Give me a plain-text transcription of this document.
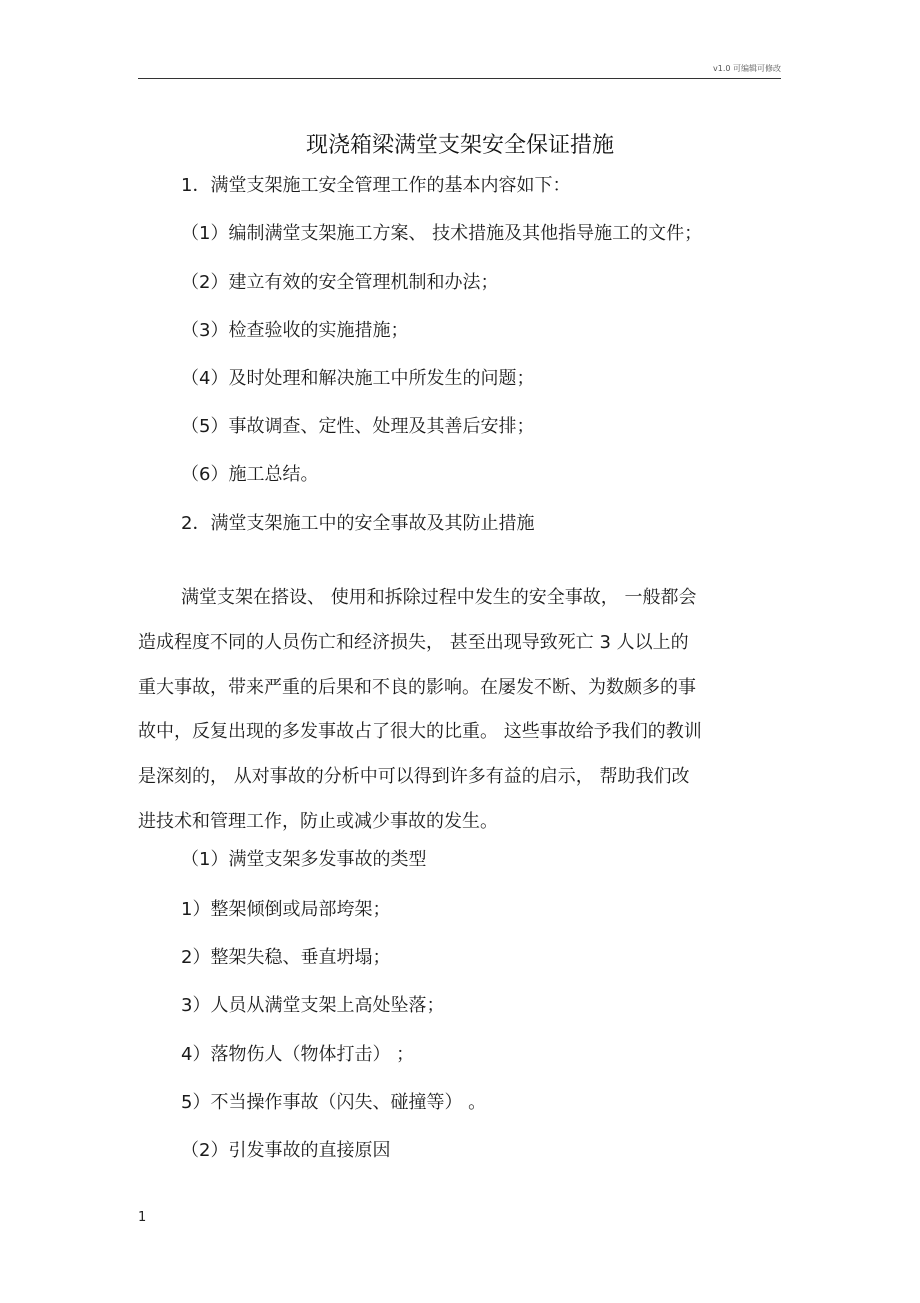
v1.0 可编辑可修改
现浇箱梁满堂支架安全保证措施
1．满堂支架施工安全管理工作的基本内容如下：
（1）编制满堂支架施工方案、 技术措施及其他指导施工的文件；
（2）建立有效的安全管理机制和办法；
（3）检查验收的实施措施；
（4）及时处理和解决施工中所发生的问题；
（5）事故调查、定性、处理及其善后安排；
（6）施工总结。
2．满堂支架施工中的安全事故及其防止措施
满堂支架在搭设、 使用和拆除过程中发生的安全事故， 一般都会
造成程度不同的人员伤亡和经济损失， 甚至出现导致死亡 3 人以上的
重大事故，带来严重的后果和不良的影响。在屡发不断、为数颇多的事
故中，反复出现的多发事故占了很大的比重。 这些事故给予我们的教训
是深刻的， 从对事故的分析中可以得到许多有益的启示， 帮助我们改
进技术和管理工作，防止或减少事故的发生。
（1）满堂支架多发事故的类型
1）整架倾倒或局部垮架；
2）整架失稳、垂直坍塌；
3）人员从满堂支架上高处坠落；
4）落物伤人（物体打击） ；
5）不当操作事故（闪失、碰撞等） 。
（2）引发事故的直接原因
1
